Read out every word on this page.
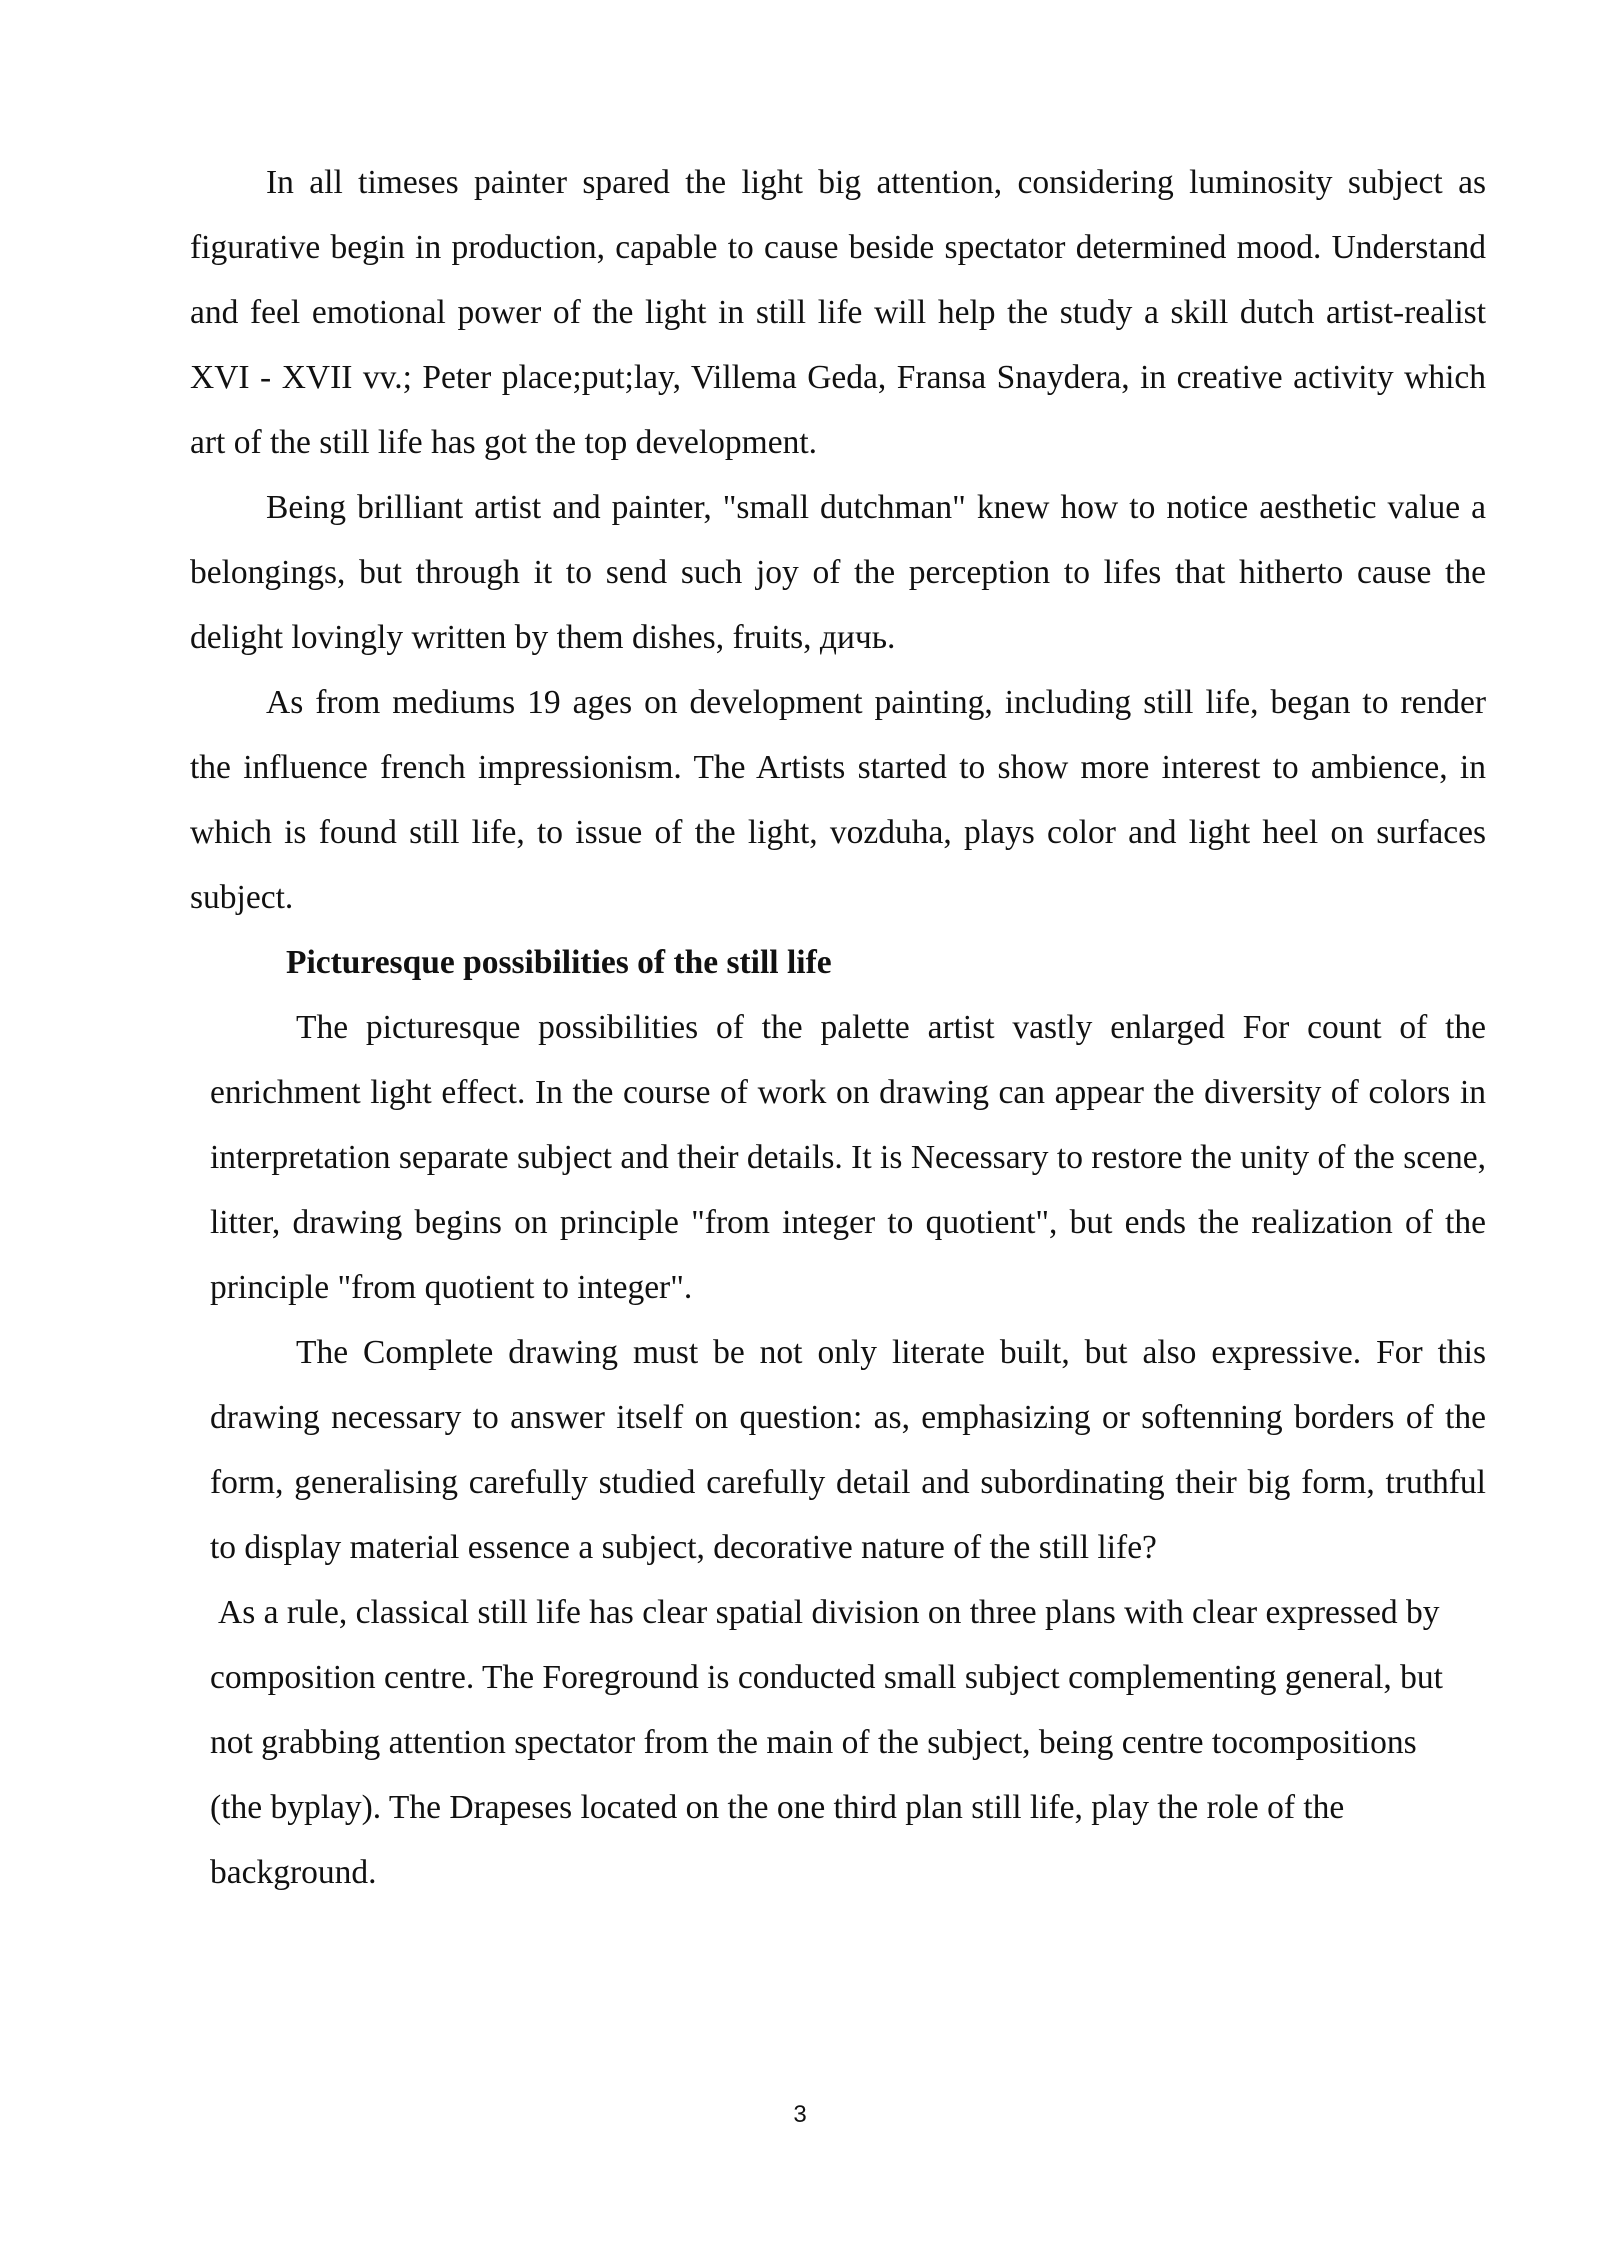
In all timeses painter spared the light big attention, considering luminosity subject as figurative begin in production, capable to cause beside spectator determined mood. Understand and feel emotional power of the light in still life will help the study a skill dutch artist-realist XVI - XVII vv.; Peter place;put;lay, Villema Geda, Fransa Snaydera, in creative activity which art of the still life has got the top development.

Being brilliant artist and painter, "small dutchman" knew how to notice aesthetic value a belongings, but through it to send such joy of the perception to lifes that hitherto cause the delight lovingly written by them dishes, fruits, дичь.

As from mediums 19 ages on development painting, including still life, began to render the influence french impressionism. The Artists started to show more interest to ambience, in which is found still life, to issue of the light, vozduha, plays color and light heel on surfaces subject.

Picturesque possibilities of the still life

The picturesque possibilities of the palette artist vastly enlarged For count of the enrichment light effect. In the course of work on drawing can appear the diversity of colors in interpretation separate subject and their details. It is Necessary to restore the unity of the scene, litter, drawing begins on principle "from integer to quotient", but ends the realization of the principle "from quotient to integer".

The Complete drawing must be not only literate built, but also expressive. For this drawing necessary to answer itself on question: as, emphasizing or softenning borders of the form, generalising carefully studied carefully detail and subordinating their big form, truthful to display material essence a subject, decorative nature of the still life?

As a rule, classical still life has clear spatial division on three plans with clear expressed by composition centre. The Foreground is conducted small subject complementing general, but not grabbing attention spectator from the main of the subject, being centre tocompositions (the byplay). The Drapeses located on the one third plan still life, play the role of the background.

3
